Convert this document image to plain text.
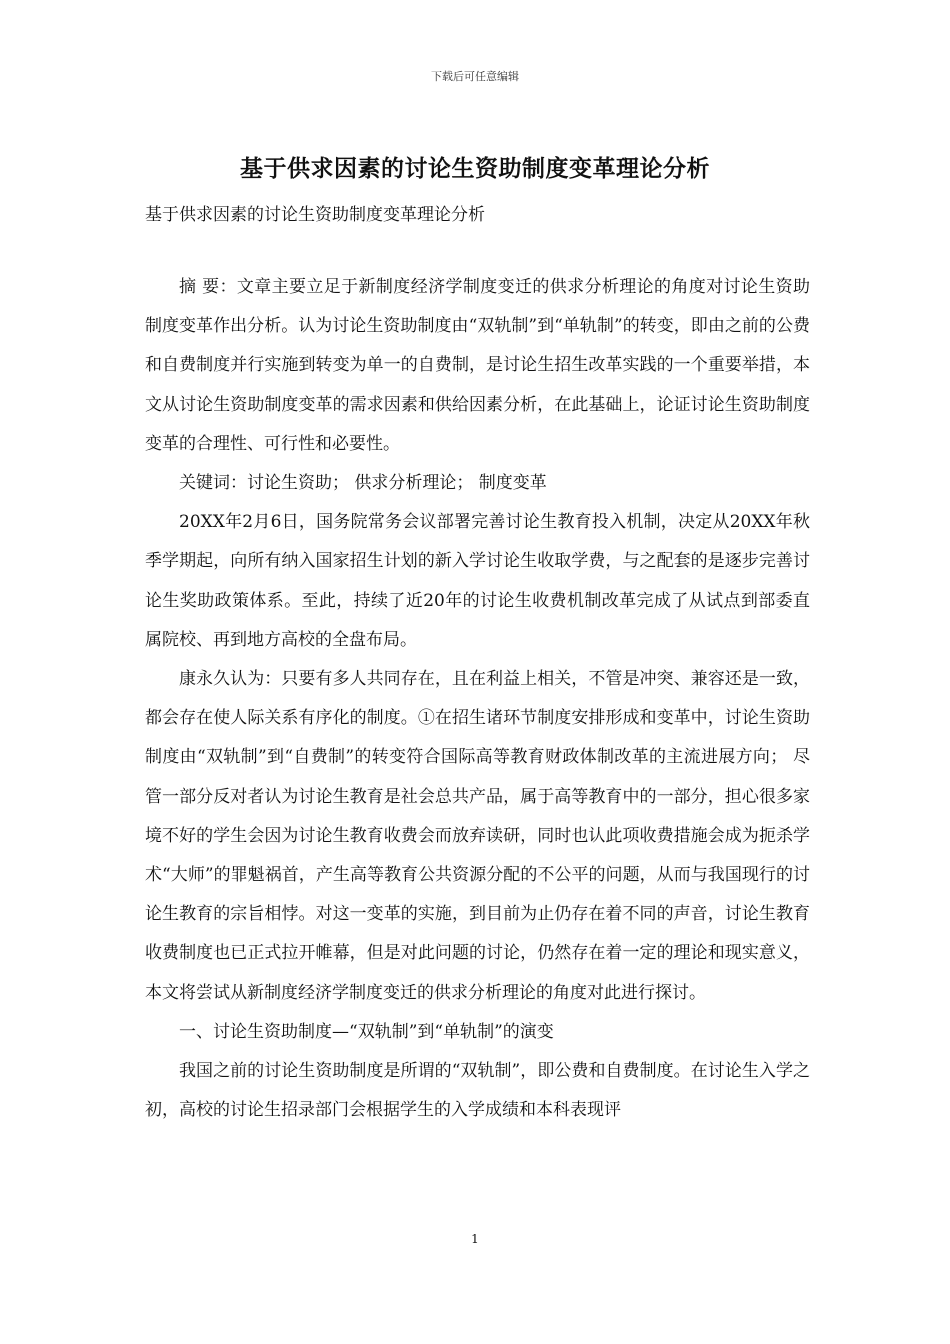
下载后可任意编辑
基于供求因素的讨论生资助制度变革理论分析
基于供求因素的讨论生资助制度变革理论分析

摘 要：文章主要立足于新制度经济学制度变迁的供求分析理论的角度对讨论生资助制度变革作出分析。认为讨论生资助制度由“双轨制”到“单轨制”的转变，即由之前的公费和自费制度并行实施到转变为单一的自费制，是讨论生招生改革实践的一个重要举措，本文从讨论生资助制度变革的需求因素和供给因素分析，在此基础上，论证讨论生资助制度变革的合理性、可行性和必要性。

关键词：讨论生资助； 供求分析理论； 制度变革

20XX年2月6日，国务院常务会议部署完善讨论生教育投入机制，决定从20XX年秋季学期起，向所有纳入国家招生计划的新入学讨论生收取学费，与之配套的是逐步完善讨论生奖助政策体系。至此，持续了近20年的讨论生收费机制改革完成了从试点到部委直属院校、再到地方高校的全盘布局。

康永久认为：只要有多人共同存在，且在利益上相关，不管是冲突、兼容还是一致，都会存在使人际关系有序化的制度。①在招生诸环节制度安排形成和变革中，讨论生资助制度由“双轨制”到“自费制”的转变符合国际高等教育财政体制改革的主流进展方向； 尽管一部分反对者认为讨论生教育是社会总共产品，属于高等教育中的一部分，担心很多家境不好的学生会因为讨论生教育收费会而放弃读研，同时也认此项收费措施会成为扼杀学术“大师”的罪魁祸首，产生高等教育公共资源分配的不公平的问题，从而与我国现行的讨论生教育的宗旨相悖。对这一变革的实施，到目前为止仍存在着不同的声音，讨论生教育收费制度也已正式拉开帷幕，但是对此问题的讨论，仍然存在着一定的理论和现实意义，本文将尝试从新制度经济学制度变迁的供求分析理论的角度对此进行探讨。

一、讨论生资助制度—“双轨制”到“单轨制”的演变

我国之前的讨论生资助制度是所谓的“双轨制”，即公费和自费制度。在讨论生入学之初，高校的讨论生招录部门会根据学生的入学成绩和本科表现评

1
